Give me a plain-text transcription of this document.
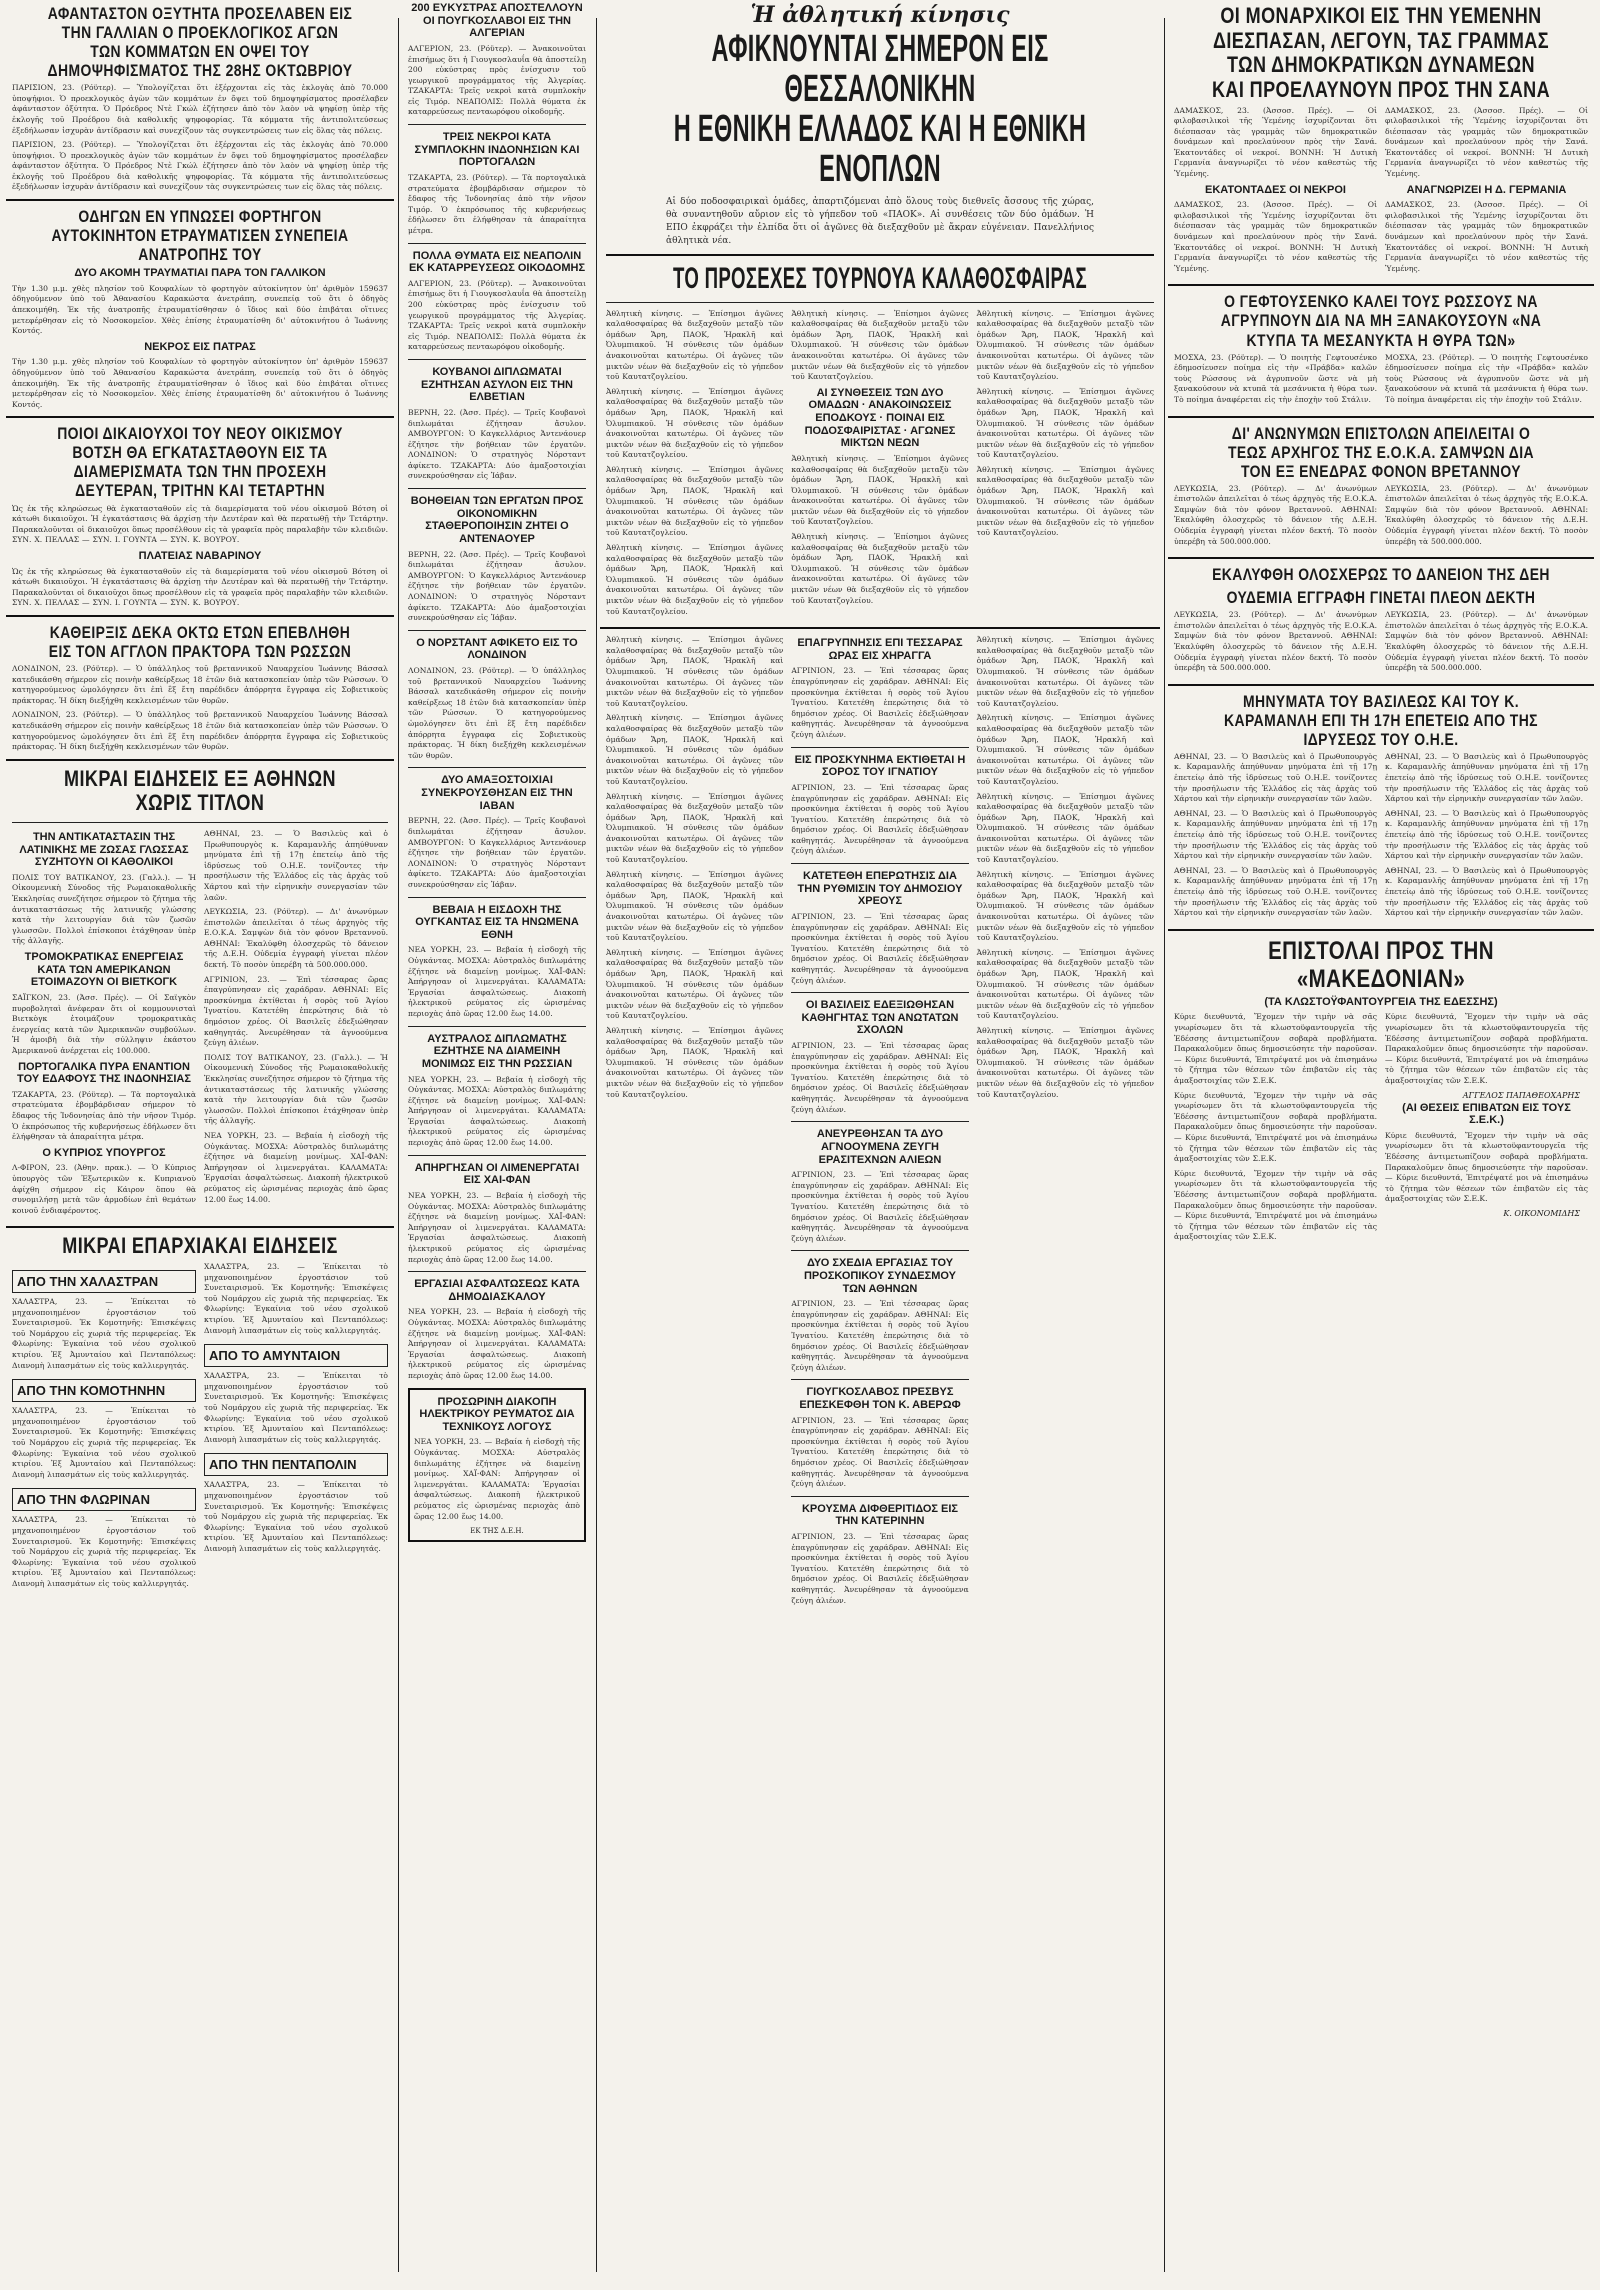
ΑΦΑΝΤΑΣΤΟΝ ΟΞΥΤΗΤΑ ΠΡΟΣΕΛΑΒΕΝ ΕΙΣ ΤΗΝ ΓΑΛΛΙΑΝ Ο ΠΡΟΕΚΛΟΓΙΚΟΣ ΑΓΩΝ ΤΩΝ ΚΟΜΜΑΤΩΝ ΕΝ ΟΨΕΙ ΤΟΥ ΔΗΜΟΨΗΦΙΣΜΑΤΟΣ ΤΗΣ 28ΗΣ ΟΚΤΩΒΡΙΟΥ

ΠΑΡΙΣΙΟΝ, 23. (Ρόϋτερ). — Ὑπολογίζεται ὅτι ἐξέρχονται εἰς τὰς ἐκλογὰς ἀπὸ 70.000 ὑποψήφιοι. Ὁ προεκλογικὸς ἀγὼν τῶν κομμάτων ἐν ὄψει τοῦ δημοψηφίσματος προσέλαβεν ἀφάνταστον ὀξύτητα. Ὁ Πρόεδρος Ντὲ Γκώλ ἐζήτησεν ἀπὸ τὸν λαὸν νὰ ψηφίσῃ ὑπὲρ τῆς ἐκλογῆς τοῦ Προέδρου διὰ καθολικῆς ψηφοφορίας. Τὰ κόμματα τῆς ἀντιπολιτεύσεως ἐξεδήλωσαν ἰσχυρὰν ἀντίδρασιν καὶ συνεχίζουν τὰς συγκεντρώσεις των εἰς ὅλας τὰς πόλεις.

ΠΑΡΙΣΙΟΝ, 23. (Ρόϋτερ). — Ὑπολογίζεται ὅτι ἐξέρχονται εἰς τὰς ἐκλογὰς ἀπὸ 70.000 ὑποψήφιοι. Ὁ προεκλογικὸς ἀγὼν τῶν κομμάτων ἐν ὄψει τοῦ δημοψηφίσματος προσέλαβεν ἀφάνταστον ὀξύτητα. Ὁ Πρόεδρος Ντὲ Γκώλ ἐζήτησεν ἀπὸ τὸν λαὸν νὰ ψηφίσῃ ὑπὲρ τῆς ἐκλογῆς τοῦ Προέδρου διὰ καθολικῆς ψηφοφορίας. Τὰ κόμματα τῆς ἀντιπολιτεύσεως ἐξεδήλωσαν ἰσχυρὰν ἀντίδρασιν καὶ συνεχίζουν τὰς συγκεντρώσεις των εἰς ὅλας τὰς πόλεις.

ΟΔΗΓΩΝ ΕΝ ΥΠΝΩΣΕΙ ΦΟΡΤΗΓΟΝ ΑΥΤΟΚΙΝΗΤΟΝ ΕΤΡΑΥΜΑΤΙΣΕΝ ΣΥΝΕΠΕΙΑ ΑΝΑΤΡΟΠΗΣ ΤΟΥ
ΔΥΟ ΑΚΟΜΗ ΤΡΑΥΜΑΤΙΑΙ ΠΑΡΑ ΤΟΝ ΓΑΛΛΙΚΟΝ

Τὴν 1.30 μ.μ. χθὲς πλησίον τοῦ Κουφαλίων τὸ φορτηγὸν αὐτοκίνητον ὑπ' ἀριθμὸν 159637 ὁδηγούμενον ὑπὸ τοῦ Ἀθανασίου Καρακώστα ἀνετράπη, συνεπείᾳ τοῦ ὅτι ὁ ὁδηγὸς ἀπεκοιμήθη. Ἐκ τῆς ἀνατροπῆς ἐτραυματίσθησαν ὁ ἴδιος καὶ δύο ἐπιβάται οἵτινες μετεφέρθησαν εἰς τὸ Νοσοκομεῖον. Χθὲς ἐπίσης ἐτραυματίσθη δι' αὐτοκινήτου ὁ Ἰωάννης Κοντός.

ΝΕΚΡΟΣ ΕΙΣ ΠΑΤΡΑΣ

Τὴν 1.30 μ.μ. χθὲς πλησίον τοῦ Κουφαλίων τὸ φορτηγὸν αὐτοκίνητον ὑπ' ἀριθμὸν 159637 ὁδηγούμενον ὑπὸ τοῦ Ἀθανασίου Καρακώστα ἀνετράπη, συνεπείᾳ τοῦ ὅτι ὁ ὁδηγὸς ἀπεκοιμήθη. Ἐκ τῆς ἀνατροπῆς ἐτραυματίσθησαν ὁ ἴδιος καὶ δύο ἐπιβάται οἵτινες μετεφέρθησαν εἰς τὸ Νοσοκομεῖον. Χθὲς ἐπίσης ἐτραυματίσθη δι' αὐτοκινήτου ὁ Ἰωάννης Κοντός.

ΠΟΙΟΙ ΔΙΚΑΙΟΥΧΟΙ ΤΟΥ ΝΕΟΥ ΟΙΚΙΣΜΟΥ ΒΟΤΣΗ ΘΑ ΕΓΚΑΤΑΣΤΑΘΟΥΝ ΕΙΣ ΤΑ ΔΙΑΜΕΡΙΣΜΑΤΑ ΤΩΝ ΤΗΝ ΠΡΟΣΕΧΗ ΔΕΥΤΕΡΑΝ, ΤΡΙΤΗΝ ΚΑΙ ΤΕΤΑΡΤΗΝ

Ὡς ἐκ τῆς κληρώσεως θὰ ἐγκατασταθοῦν εἰς τὰ διαμερίσματα τοῦ νέου οἰκισμοῦ Βότση οἱ κάτωθι δικαιοῦχοι. Ἡ ἐγκατάστασις θὰ ἀρχίσῃ τὴν Δευτέραν καὶ θὰ περατωθῇ τὴν Τετάρτην. Παρακαλοῦνται οἱ δικαιοῦχοι ὅπως προσέλθουν εἰς τὰ γραφεῖα πρὸς παραλαβὴν τῶν κλειδιῶν. ΣΥΝ. Χ. ΠΕΛΛΑΣ — ΣΥΝ. Ι. ΓΟΥΝΤΑ — ΣΥΝ. Κ. ΒΟΥΡΟΥ.

ΠΛΑΤΕΙΑΣ ΝΑΒΑΡΙΝΟΥ

Ὡς ἐκ τῆς κληρώσεως θὰ ἐγκατασταθοῦν εἰς τὰ διαμερίσματα τοῦ νέου οἰκισμοῦ Βότση οἱ κάτωθι δικαιοῦχοι. Ἡ ἐγκατάστασις θὰ ἀρχίσῃ τὴν Δευτέραν καὶ θὰ περατωθῇ τὴν Τετάρτην. Παρακαλοῦνται οἱ δικαιοῦχοι ὅπως προσέλθουν εἰς τὰ γραφεῖα πρὸς παραλαβὴν τῶν κλειδιῶν. ΣΥΝ. Χ. ΠΕΛΛΑΣ — ΣΥΝ. Ι. ΓΟΥΝΤΑ — ΣΥΝ. Κ. ΒΟΥΡΟΥ.

ΚΑΘΕΙΡΞΙΣ ΔΕΚΑ ΟΚΤΩ ΕΤΩΝ ΕΠΕΒΛΗΘΗ ΕΙΣ ΤΟΝ ΑΓΓΛΟΝ ΠΡΑΚΤΟΡΑ ΤΩΝ ΡΩΣΣΩΝ

ΛΟΝΔΙΝΟΝ, 23. (Ρόϋτερ). — Ὁ ὑπάλληλος τοῦ βρεταννικοῦ Ναυαρχείου Ἰωάννης Βάσσαλ κατεδικάσθη σήμερον εἰς ποινὴν καθείρξεως 18 ἐτῶν διὰ κατασκοπείαν ὑπὲρ τῶν Ρώσσων. Ὁ κατηγορούμενος ὡμολόγησεν ὅτι ἐπὶ ἓξ ἔτη παρέδιδεν ἀπόρρητα ἔγγραφα εἰς Σοβιετικοὺς πράκτορας. Ἡ δίκη διεξήχθη κεκλεισμένων τῶν θυρῶν.

ΛΟΝΔΙΝΟΝ, 23. (Ρόϋτερ). — Ὁ ὑπάλληλος τοῦ βρεταννικοῦ Ναυαρχείου Ἰωάννης Βάσσαλ κατεδικάσθη σήμερον εἰς ποινὴν καθείρξεως 18 ἐτῶν διὰ κατασκοπείαν ὑπὲρ τῶν Ρώσσων. Ὁ κατηγορούμενος ὡμολόγησεν ὅτι ἐπὶ ἓξ ἔτη παρέδιδεν ἀπόρρητα ἔγγραφα εἰς Σοβιετικοὺς πράκτορας. Ἡ δίκη διεξήχθη κεκλεισμένων τῶν θυρῶν.

ΜΙΚΡΑΙ ΕΙΔΗΣΕΙΣ ΕΞ ΑΘΗΝΩΝ ΧΩΡΙΣ ΤΙΤΛΟΝ
ΤΗΝ ΑΝΤΙΚΑΤΑΣΤΑΣΙΝ ΤΗΣ ΛΑΤΙΝΙΚΗΣ ΜΕ ΖΩΣΑΣ ΓΛΩΣΣΑΣ ΣΥΖΗΤΟΥΝ ΟΙ ΚΑΘΟΛΙΚΟΙ

ΠΟΛΙΣ ΤΟΥ ΒΑΤΙΚΑΝΟΥ, 23. (Γαλλ.). — Ἡ Οἰκουμενικὴ Σύνοδος τῆς Ρωμαιοκαθολικῆς Ἐκκλησίας συνεζήτησε σήμερον τὸ ζήτημα τῆς ἀντικαταστάσεως τῆς λατινικῆς γλώσσης κατὰ τὴν λειτουργίαν διὰ τῶν ζωσῶν γλωσσῶν. Πολλοὶ ἐπίσκοποι ἐτάχθησαν ὑπὲρ τῆς ἀλλαγῆς.

ΤΡΟΜΟΚΡΑΤΙΚΑΣ ΕΝΕΡΓΕΙΑΣ ΚΑΤΑ ΤΩΝ ΑΜΕΡΙΚΑΝΩΝ ΕΤΟΙΜΑΖΟΥΝ ΟΙ ΒΙΕΤΚΟΓΚ

ΣΑΪΓΚΟΝ, 23. (Ἀσσ. Πρές). — Οἱ Σαϊγκὸν πυροβοληταὶ ἀνέφεραν ὅτι οἱ κομμουνισταὶ Βιετκὸγκ ἑτοιμάζουν τρομοκρατικὰς ἐνεργείας κατὰ τῶν Ἀμερικανῶν συμβούλων. Ἡ ἀμοιβὴ διὰ τὴν σύλληψιν ἑκάστου Ἀμερικανοῦ ἀνέρχεται εἰς 100.000.

ΠΟΡΤΟΓΑΛΙΚΑ ΠΥΡΑ ΕΝΑΝΤΙΟΝ ΤΟΥ ΕΔΑΦΟΥΣ ΤΗΣ ΙΝΔΟΝΗΣΙΑΣ

ΤΖΑΚΑΡΤΑ, 23. (Ρόϋτερ). — Τὰ πορτογαλικὰ στρατεύματα ἐβομβάρδισαν σήμερον τὸ ἔδαφος τῆς Ἰνδονησίας ἀπὸ τὴν νῆσον Τιμόρ. Ὁ ἐκπρόσωπος τῆς κυβερνήσεως ἐδήλωσεν ὅτι ἐλήφθησαν τὰ ἀπαραίτητα μέτρα.

Ο ΚΥΠΡΙΟΣ ΥΠΟΥΡΓΟΣ

Λ-ΦΙΡΟΝ, 23. (Ἀθην. πρακ.). — Ὁ Κύπριος ὑπουργὸς τῶν Ἐξωτερικῶν κ. Κυπριανοὺ ἀφίχθη σήμερον εἰς Κάιρον ὅπου θὰ συνομιλήσῃ μετὰ τῶν ἁρμοδίων ἐπὶ θεμάτων κοινοῦ ἐνδιαφέροντος.

ΑΘΗΝΑΙ, 23. — Ὁ Βασιλεὺς καὶ ὁ Πρωθυπουργὸς κ. Καραμανλῆς ἀπηύθυναν μηνύματα ἐπὶ τῇ 17ῃ ἐπετείῳ ἀπὸ τῆς ἱδρύσεως τοῦ Ο.Η.Ε. τονίζοντες τὴν προσήλωσιν τῆς Ἑλλάδος εἰς τὰς ἀρχὰς τοῦ Χάρτου καὶ τὴν εἰρηνικὴν συνεργασίαν τῶν λαῶν.

ΛΕΥΚΩΣΙΑ, 23. (Ρόϋτερ). — Δι' ἀνωνύμων ἐπιστολῶν ἀπειλεῖται ὁ τέως ἀρχηγὸς τῆς Ε.Ο.Κ.Α. Σαμψὼν διὰ τὸν φόνον Βρεταννοῦ. ΑΘΗΝΑΙ: Ἐκαλύφθη ὁλοσχερῶς τὸ δάνειον τῆς Δ.Ε.Η. Οὐδεμία ἐγγραφὴ γίνεται πλέον δεκτή. Τὸ ποσὸν ὑπερέβη τὰ 500.000.000.

ΑΓΡΙΝΙΟΝ, 23. — Ἐπὶ τέσσαρας ὥρας ἐπαγρύπνησαν εἰς χαράδραν. ΑΘΗΝΑΙ: Εἰς προσκύνημα ἐκτίθεται ἡ σορὸς τοῦ Ἁγίου Ἰγνατίου. Κατετέθη ἐπερώτησις διὰ τὸ δημόσιον χρέος. Οἱ Βασιλεῖς ἐδεξιώθησαν καθηγητάς. Ἀνευρέθησαν τὰ ἀγνοούμενα ζεύγη ἁλιέων.

ΠΟΛΙΣ ΤΟΥ ΒΑΤΙΚΑΝΟΥ, 23. (Γαλλ.). — Ἡ Οἰκουμενικὴ Σύνοδος τῆς Ρωμαιοκαθολικῆς Ἐκκλησίας συνεζήτησε σήμερον τὸ ζήτημα τῆς ἀντικαταστάσεως τῆς λατινικῆς γλώσσης κατὰ τὴν λειτουργίαν διὰ τῶν ζωσῶν γλωσσῶν. Πολλοὶ ἐπίσκοποι ἐτάχθησαν ὑπὲρ τῆς ἀλλαγῆς.

ΝΕΑ ΥΟΡΚΗ, 23. — Βεβαία ἡ εἰσδοχὴ τῆς Οὐγκάντας. ΜΟΣΧΑ: Αὐστραλὸς διπλωμάτης ἐζήτησε νὰ διαμείνῃ μονίμως. ΧΑΪ-ΦΑΝ: Ἀπήργησαν οἱ λιμενεργάται. ΚΑΛΑΜΑΤΑ: Ἐργασίαι ἀσφαλτώσεως. Διακοπὴ ἠλεκτρικοῦ ρεύματος εἰς ὡρισμένας περιοχὰς ἀπὸ ὥρας 12.00 ἕως 14.00.

ΜΙΚΡΑΙ ΕΠΑΡΧΙΑΚΑΙ ΕΙΔΗΣΕΙΣ
ΑΠΟ ΤΗΝ ΧΑΛΑΣΤΡΑΝ

ΧΑΛΑΣΤΡΑ, 23. — Ἐπίκειται τὸ μηχανοποιημένον ἐργοστάσιον τοῦ Συνεταιρισμοῦ. Ἐκ Κομοτηνῆς: Ἐπισκέψεις τοῦ Νομάρχου εἰς χωριὰ τῆς περιφερείας. Ἐκ Φλωρίνης: Ἐγκαίνια τοῦ νέου σχολικοῦ κτιρίου. Ἐξ Ἀμυνταίου καὶ Πενταπόλεως: Διανομὴ λιπασμάτων εἰς τοὺς καλλιεργητάς.

ΑΠΟ ΤΗΝ ΚΟΜΟΤΗΝΗΝ

ΧΑΛΑΣΤΡΑ, 23. — Ἐπίκειται τὸ μηχανοποιημένον ἐργοστάσιον τοῦ Συνεταιρισμοῦ. Ἐκ Κομοτηνῆς: Ἐπισκέψεις τοῦ Νομάρχου εἰς χωριὰ τῆς περιφερείας. Ἐκ Φλωρίνης: Ἐγκαίνια τοῦ νέου σχολικοῦ κτιρίου. Ἐξ Ἀμυνταίου καὶ Πενταπόλεως: Διανομὴ λιπασμάτων εἰς τοὺς καλλιεργητάς.

ΑΠΟ ΤΗΝ ΦΛΩΡΙΝΑΝ

ΧΑΛΑΣΤΡΑ, 23. — Ἐπίκειται τὸ μηχανοποιημένον ἐργοστάσιον τοῦ Συνεταιρισμοῦ. Ἐκ Κομοτηνῆς: Ἐπισκέψεις τοῦ Νομάρχου εἰς χωριὰ τῆς περιφερείας. Ἐκ Φλωρίνης: Ἐγκαίνια τοῦ νέου σχολικοῦ κτιρίου. Ἐξ Ἀμυνταίου καὶ Πενταπόλεως: Διανομὴ λιπασμάτων εἰς τοὺς καλλιεργητάς.

ΧΑΛΑΣΤΡΑ, 23. — Ἐπίκειται τὸ μηχανοποιημένον ἐργοστάσιον τοῦ Συνεταιρισμοῦ. Ἐκ Κομοτηνῆς: Ἐπισκέψεις τοῦ Νομάρχου εἰς χωριὰ τῆς περιφερείας. Ἐκ Φλωρίνης: Ἐγκαίνια τοῦ νέου σχολικοῦ κτιρίου. Ἐξ Ἀμυνταίου καὶ Πενταπόλεως: Διανομὴ λιπασμάτων εἰς τοὺς καλλιεργητάς.

ΑΠΟ ΤΟ ΑΜΥΝΤΑΙΟΝ

ΧΑΛΑΣΤΡΑ, 23. — Ἐπίκειται τὸ μηχανοποιημένον ἐργοστάσιον τοῦ Συνεταιρισμοῦ. Ἐκ Κομοτηνῆς: Ἐπισκέψεις τοῦ Νομάρχου εἰς χωριὰ τῆς περιφερείας. Ἐκ Φλωρίνης: Ἐγκαίνια τοῦ νέου σχολικοῦ κτιρίου. Ἐξ Ἀμυνταίου καὶ Πενταπόλεως: Διανομὴ λιπασμάτων εἰς τοὺς καλλιεργητάς.

ΑΠΟ ΤΗΝ ΠΕΝΤΑΠΟΛΙΝ

ΧΑΛΑΣΤΡΑ, 23. — Ἐπίκειται τὸ μηχανοποιημένον ἐργοστάσιον τοῦ Συνεταιρισμοῦ. Ἐκ Κομοτηνῆς: Ἐπισκέψεις τοῦ Νομάρχου εἰς χωριὰ τῆς περιφερείας. Ἐκ Φλωρίνης: Ἐγκαίνια τοῦ νέου σχολικοῦ κτιρίου. Ἐξ Ἀμυνταίου καὶ Πενταπόλεως: Διανομὴ λιπασμάτων εἰς τοὺς καλλιεργητάς.

200 ΕΥΚΥΣΤΡΑΣ ΑΠΟΣΤΕΛΛΟΥΝ ΟΙ ΠΟΥΓΚΟΣΛΑΒΟΙ ΕΙΣ ΤΗΝ ΑΛΓΕΡΙΑΝ

ΑΛΓΕΡΙΟΝ, 23. (Ρόϋτερ). — Ἀνακοινοῦται ἐπισήμως ὅτι ἡ Γιουγκοσλαυΐα θὰ ἀποστείλῃ 200 εὐκύστρας πρὸς ἐνίσχυσιν τοῦ γεωργικοῦ προγράμματος τῆς Ἀλγερίας. ΤΖΑΚΑΡΤΑ: Τρεῖς νεκροὶ κατὰ συμπλοκὴν εἰς Τιμόρ. ΝΕΑΠΟΛΙΣ: Πολλὰ θύματα ἐκ καταρρεύσεως πενταωρόφου οἰκοδομῆς.

ΤΡΕΙΣ ΝΕΚΡΟΙ ΚΑΤΑ ΣΥΜΠΛΟΚΗΝ ΙΝΔΟΝΗΣΙΩΝ ΚΑΙ ΠΟΡΤΟΓΑΛΩΝ

ΤΖΑΚΑΡΤΑ, 23. (Ρόϋτερ). — Τὰ πορτογαλικὰ στρατεύματα ἐβομβάρδισαν σήμερον τὸ ἔδαφος τῆς Ἰνδονησίας ἀπὸ τὴν νῆσον Τιμόρ. Ὁ ἐκπρόσωπος τῆς κυβερνήσεως ἐδήλωσεν ὅτι ἐλήφθησαν τὰ ἀπαραίτητα μέτρα.

ΠΟΛΛΑ ΘΥΜΑΤΑ ΕΙΣ ΝΕΑΠΟΛΙΝ ΕΚ ΚΑΤΑΡΡΕΥΣΕΩΣ ΟΙΚΟΔΟΜΗΣ

ΑΛΓΕΡΙΟΝ, 23. (Ρόϋτερ). — Ἀνακοινοῦται ἐπισήμως ὅτι ἡ Γιουγκοσλαυΐα θὰ ἀποστείλῃ 200 εὐκύστρας πρὸς ἐνίσχυσιν τοῦ γεωργικοῦ προγράμματος τῆς Ἀλγερίας. ΤΖΑΚΑΡΤΑ: Τρεῖς νεκροὶ κατὰ συμπλοκὴν εἰς Τιμόρ. ΝΕΑΠΟΛΙΣ: Πολλὰ θύματα ἐκ καταρρεύσεως πενταωρόφου οἰκοδομῆς.

ΚΟΥΒΑΝΟΙ ΔΙΠΛΩΜΑΤΑΙ ΕΖΗΤΗΣΑΝ ΑΣΥΛΟΝ ΕΙΣ ΤΗΝ ΕΛΒΕΤΙΑΝ

ΒΕΡΝΗ, 22. (Ἀσσ. Πρές). — Τρεῖς Κουβανοὶ διπλωμάται ἐζήτησαν ἄσυλον. ΑΜΒΟΥΡΓΟΝ: Ὁ Καγκελλάριος Ἀντενάουερ ἐζήτησε τὴν βοήθειαν τῶν ἐργατῶν. ΛΟΝΔΙΝΟΝ: Ὁ στρατηγὸς Νόρσταντ ἀφίκετο. ΤΖΑΚΑΡΤΑ: Δύο ἀμαξοστοιχίαι συνεκρούσθησαν εἰς Ἰάβαν.

ΒΟΗΘΕΙΑΝ ΤΩΝ ΕΡΓΑΤΩΝ ΠΡΟΣ ΟΙΚΟΝΟΜΙΚΗΝ ΣΤΑΘΕΡΟΠΟΙΗΣΙΝ ΖΗΤΕΙ Ο ΑΝΤΕΝΑΟΥΕΡ

ΒΕΡΝΗ, 22. (Ἀσσ. Πρές). — Τρεῖς Κουβανοὶ διπλωμάται ἐζήτησαν ἄσυλον. ΑΜΒΟΥΡΓΟΝ: Ὁ Καγκελλάριος Ἀντενάουερ ἐζήτησε τὴν βοήθειαν τῶν ἐργατῶν. ΛΟΝΔΙΝΟΝ: Ὁ στρατηγὸς Νόρσταντ ἀφίκετο. ΤΖΑΚΑΡΤΑ: Δύο ἀμαξοστοιχίαι συνεκρούσθησαν εἰς Ἰάβαν.

Ο ΝΟΡΣΤΑΝΤ ΑΦΙΚΕΤΟ ΕΙΣ ΤΟ ΛΟΝΔΙΝΟΝ

ΛΟΝΔΙΝΟΝ, 23. (Ρόϋτερ). — Ὁ ὑπάλληλος τοῦ βρεταννικοῦ Ναυαρχείου Ἰωάννης Βάσσαλ κατεδικάσθη σήμερον εἰς ποινὴν καθείρξεως 18 ἐτῶν διὰ κατασκοπείαν ὑπὲρ τῶν Ρώσσων. Ὁ κατηγορούμενος ὡμολόγησεν ὅτι ἐπὶ ἓξ ἔτη παρέδιδεν ἀπόρρητα ἔγγραφα εἰς Σοβιετικοὺς πράκτορας. Ἡ δίκη διεξήχθη κεκλεισμένων τῶν θυρῶν.

ΔΥΟ ΑΜΑΞΟΣΤΟΙΧΙΑΙ ΣΥΝΕΚΡΟΥΣΘΗΣΑΝ ΕΙΣ ΤΗΝ ΙΑΒΑΝ

ΒΕΡΝΗ, 22. (Ἀσσ. Πρές). — Τρεῖς Κουβανοὶ διπλωμάται ἐζήτησαν ἄσυλον. ΑΜΒΟΥΡΓΟΝ: Ὁ Καγκελλάριος Ἀντενάουερ ἐζήτησε τὴν βοήθειαν τῶν ἐργατῶν. ΛΟΝΔΙΝΟΝ: Ὁ στρατηγὸς Νόρσταντ ἀφίκετο. ΤΖΑΚΑΡΤΑ: Δύο ἀμαξοστοιχίαι συνεκρούσθησαν εἰς Ἰάβαν.

ΒΕΒΑΙΑ Η ΕΙΣΔΟΧΗ ΤΗΣ ΟΥΓΚΑΝΤΑΣ ΕΙΣ ΤΑ ΗΝΩΜΕΝΑ ΕΘΝΗ

ΝΕΑ ΥΟΡΚΗ, 23. — Βεβαία ἡ εἰσδοχὴ τῆς Οὐγκάντας. ΜΟΣΧΑ: Αὐστραλὸς διπλωμάτης ἐζήτησε νὰ διαμείνῃ μονίμως. ΧΑΪ-ΦΑΝ: Ἀπήργησαν οἱ λιμενεργάται. ΚΑΛΑΜΑΤΑ: Ἐργασίαι ἀσφαλτώσεως. Διακοπὴ ἠλεκτρικοῦ ρεύματος εἰς ὡρισμένας περιοχὰς ἀπὸ ὥρας 12.00 ἕως 14.00.

ΑΥΣΤΡΑΛΟΣ ΔΙΠΛΩΜΑΤΗΣ ΕΖΗΤΗΣΕ ΝΑ ΔΙΑΜΕΙΝΗ ΜΟΝΙΜΩΣ ΕΙΣ ΤΗΝ ΡΩΣΣΙΑΝ

ΝΕΑ ΥΟΡΚΗ, 23. — Βεβαία ἡ εἰσδοχὴ τῆς Οὐγκάντας. ΜΟΣΧΑ: Αὐστραλὸς διπλωμάτης ἐζήτησε νὰ διαμείνῃ μονίμως. ΧΑΪ-ΦΑΝ: Ἀπήργησαν οἱ λιμενεργάται. ΚΑΛΑΜΑΤΑ: Ἐργασίαι ἀσφαλτώσεως. Διακοπὴ ἠλεκτρικοῦ ρεύματος εἰς ὡρισμένας περιοχὰς ἀπὸ ὥρας 12.00 ἕως 14.00.

ΑΠΗΡΓΗΣΑΝ ΟΙ ΛΙΜΕΝΕΡΓΑΤΑΙ ΕΙΣ ΧΑΙ-ΦΑΝ

ΝΕΑ ΥΟΡΚΗ, 23. — Βεβαία ἡ εἰσδοχὴ τῆς Οὐγκάντας. ΜΟΣΧΑ: Αὐστραλὸς διπλωμάτης ἐζήτησε νὰ διαμείνῃ μονίμως. ΧΑΪ-ΦΑΝ: Ἀπήργησαν οἱ λιμενεργάται. ΚΑΛΑΜΑΤΑ: Ἐργασίαι ἀσφαλτώσεως. Διακοπὴ ἠλεκτρικοῦ ρεύματος εἰς ὡρισμένας περιοχὰς ἀπὸ ὥρας 12.00 ἕως 14.00.

ΕΡΓΑΣΙΑΙ ΑΣΦΑΛΤΩΣΕΩΣ ΚΑΤΑ ΔΗΜΟΔΙΑΣΚΑΛΟΥ

ΝΕΑ ΥΟΡΚΗ, 23. — Βεβαία ἡ εἰσδοχὴ τῆς Οὐγκάντας. ΜΟΣΧΑ: Αὐστραλὸς διπλωμάτης ἐζήτησε νὰ διαμείνῃ μονίμως. ΧΑΪ-ΦΑΝ: Ἀπήργησαν οἱ λιμενεργάται. ΚΑΛΑΜΑΤΑ: Ἐργασίαι ἀσφαλτώσεως. Διακοπὴ ἠλεκτρικοῦ ρεύματος εἰς ὡρισμένας περιοχὰς ἀπὸ ὥρας 12.00 ἕως 14.00.

ΠΡΟΣΩΡΙΝΗ ΔΙΑΚΟΠΗ ΗΛΕΚΤΡΙΚΟΥ ΡΕΥΜΑΤΟΣ ΔΙΑ ΤΕΧΝΙΚΟΥΣ ΛΟΓΟΥΣ

ΝΕΑ ΥΟΡΚΗ, 23. — Βεβαία ἡ εἰσδοχὴ τῆς Οὐγκάντας. ΜΟΣΧΑ: Αὐστραλὸς διπλωμάτης ἐζήτησε νὰ διαμείνῃ μονίμως. ΧΑΪ-ΦΑΝ: Ἀπήργησαν οἱ λιμενεργάται. ΚΑΛΑΜΑΤΑ: Ἐργασίαι ἀσφαλτώσεως. Διακοπὴ ἠλεκτρικοῦ ρεύματος εἰς ὡρισμένας περιοχὰς ἀπὸ ὥρας 12.00 ἕως 14.00.

ΕΚ ΤΗΣ Δ.Ε.Η.
Ἡ ἀθλητική κίνησις
ΑΦΙΚΝΟΥΝΤΑΙ ΣΗΜΕΡΟΝ ΕΙΣ ΘΕΣΣΑΛΟΝΙΚΗΝ
Η ΕΘΝΙΚΗ ΕΛΛΑΔΟΣ ΚΑΙ Η ΕΘΝΙΚΗ ΕΝΟΠΛΩΝ

Αἱ δύο ποδοσφαιρικαὶ ὁμάδες, ἀπαρτιζόμεναι ἀπὸ ὅλους τοὺς διεθνεῖς ἄσσους τῆς χώρας, θὰ συναντηθοῦν αὔριον εἰς τὸ γήπεδον τοῦ «ΠΑΟΚ». Αἱ συνθέσεις τῶν δύο ὁμάδων. Ἡ ΕΠΟ ἐκφράζει τὴν ἐλπίδα ὅτι οἱ ἀγῶνες θὰ διεξαχθοῦν μὲ ἄκραν εὐγένειαν. Πανελλήνιος ἀθλητικὰ νέα.

ΤΟ ΠΡΟΣΕΧΕΣ ΤΟΥΡΝΟΥΑ ΚΑΛΑΘΟΣΦΑΙΡΑΣ

Ἀθλητικὴ κίνησις. — Ἐπίσημοι ἀγῶνες καλαθοσφαίρας θὰ διεξαχθοῦν μεταξὺ τῶν ὁμάδων Ἄρη, ΠΑΟΚ, Ἡρακλῆ καὶ Ὀλυμπιακοῦ. Ἡ σύνθεσις τῶν ὁμάδων ἀνακοινοῦται κατωτέρω. Οἱ ἀγῶνες τῶν μικτῶν νέων θὰ διεξαχθοῦν εἰς τὸ γήπεδον τοῦ Καυτατζογλείου.

Ἀθλητικὴ κίνησις. — Ἐπίσημοι ἀγῶνες καλαθοσφαίρας θὰ διεξαχθοῦν μεταξὺ τῶν ὁμάδων Ἄρη, ΠΑΟΚ, Ἡρακλῆ καὶ Ὀλυμπιακοῦ. Ἡ σύνθεσις τῶν ὁμάδων ἀνακοινοῦται κατωτέρω. Οἱ ἀγῶνες τῶν μικτῶν νέων θὰ διεξαχθοῦν εἰς τὸ γήπεδον τοῦ Καυτατζογλείου.

Ἀθλητικὴ κίνησις. — Ἐπίσημοι ἀγῶνες καλαθοσφαίρας θὰ διεξαχθοῦν μεταξὺ τῶν ὁμάδων Ἄρη, ΠΑΟΚ, Ἡρακλῆ καὶ Ὀλυμπιακοῦ. Ἡ σύνθεσις τῶν ὁμάδων ἀνακοινοῦται κατωτέρω. Οἱ ἀγῶνες τῶν μικτῶν νέων θὰ διεξαχθοῦν εἰς τὸ γήπεδον τοῦ Καυτατζογλείου.

Ἀθλητικὴ κίνησις. — Ἐπίσημοι ἀγῶνες καλαθοσφαίρας θὰ διεξαχθοῦν μεταξὺ τῶν ὁμάδων Ἄρη, ΠΑΟΚ, Ἡρακλῆ καὶ Ὀλυμπιακοῦ. Ἡ σύνθεσις τῶν ὁμάδων ἀνακοινοῦται κατωτέρω. Οἱ ἀγῶνες τῶν μικτῶν νέων θὰ διεξαχθοῦν εἰς τὸ γήπεδον τοῦ Καυτατζογλείου.

Ἀθλητικὴ κίνησις. — Ἐπίσημοι ἀγῶνες καλαθοσφαίρας θὰ διεξαχθοῦν μεταξὺ τῶν ὁμάδων Ἄρη, ΠΑΟΚ, Ἡρακλῆ καὶ Ὀλυμπιακοῦ. Ἡ σύνθεσις τῶν ὁμάδων ἀνακοινοῦται κατωτέρω. Οἱ ἀγῶνες τῶν μικτῶν νέων θὰ διεξαχθοῦν εἰς τὸ γήπεδον τοῦ Καυτατζογλείου.

ΑΙ ΣΥΝΘΕΣΕΙΣ ΤΩΝ ΔΥΟ ΟΜΑΔΩΝ · ΑΝΑΚΟΙΝΩΣΕΙΣ ΕΠΟΔΚΟΥΣ · ΠΟΙΝΑΙ ΕΙΣ ΠΟΔΟΣΦΑΙΡΙΣΤΑΣ · ΑΓΩΝΕΣ ΜΙΚΤΩΝ ΝΕΩΝ

Ἀθλητικὴ κίνησις. — Ἐπίσημοι ἀγῶνες καλαθοσφαίρας θὰ διεξαχθοῦν μεταξὺ τῶν ὁμάδων Ἄρη, ΠΑΟΚ, Ἡρακλῆ καὶ Ὀλυμπιακοῦ. Ἡ σύνθεσις τῶν ὁμάδων ἀνακοινοῦται κατωτέρω. Οἱ ἀγῶνες τῶν μικτῶν νέων θὰ διεξαχθοῦν εἰς τὸ γήπεδον τοῦ Καυτατζογλείου.

Ἀθλητικὴ κίνησις. — Ἐπίσημοι ἀγῶνες καλαθοσφαίρας θὰ διεξαχθοῦν μεταξὺ τῶν ὁμάδων Ἄρη, ΠΑΟΚ, Ἡρακλῆ καὶ Ὀλυμπιακοῦ. Ἡ σύνθεσις τῶν ὁμάδων ἀνακοινοῦται κατωτέρω. Οἱ ἀγῶνες τῶν μικτῶν νέων θὰ διεξαχθοῦν εἰς τὸ γήπεδον τοῦ Καυτατζογλείου.

Ἀθλητικὴ κίνησις. — Ἐπίσημοι ἀγῶνες καλαθοσφαίρας θὰ διεξαχθοῦν μεταξὺ τῶν ὁμάδων Ἄρη, ΠΑΟΚ, Ἡρακλῆ καὶ Ὀλυμπιακοῦ. Ἡ σύνθεσις τῶν ὁμάδων ἀνακοινοῦται κατωτέρω. Οἱ ἀγῶνες τῶν μικτῶν νέων θὰ διεξαχθοῦν εἰς τὸ γήπεδον τοῦ Καυτατζογλείου.

Ἀθλητικὴ κίνησις. — Ἐπίσημοι ἀγῶνες καλαθοσφαίρας θὰ διεξαχθοῦν μεταξὺ τῶν ὁμάδων Ἄρη, ΠΑΟΚ, Ἡρακλῆ καὶ Ὀλυμπιακοῦ. Ἡ σύνθεσις τῶν ὁμάδων ἀνακοινοῦται κατωτέρω. Οἱ ἀγῶνες τῶν μικτῶν νέων θὰ διεξαχθοῦν εἰς τὸ γήπεδον τοῦ Καυτατζογλείου.

Ἀθλητικὴ κίνησις. — Ἐπίσημοι ἀγῶνες καλαθοσφαίρας θὰ διεξαχθοῦν μεταξὺ τῶν ὁμάδων Ἄρη, ΠΑΟΚ, Ἡρακλῆ καὶ Ὀλυμπιακοῦ. Ἡ σύνθεσις τῶν ὁμάδων ἀνακοινοῦται κατωτέρω. Οἱ ἀγῶνες τῶν μικτῶν νέων θὰ διεξαχθοῦν εἰς τὸ γήπεδον τοῦ Καυτατζογλείου.

Ἀθλητικὴ κίνησις. — Ἐπίσημοι ἀγῶνες καλαθοσφαίρας θὰ διεξαχθοῦν μεταξὺ τῶν ὁμάδων Ἄρη, ΠΑΟΚ, Ἡρακλῆ καὶ Ὀλυμπιακοῦ. Ἡ σύνθεσις τῶν ὁμάδων ἀνακοινοῦται κατωτέρω. Οἱ ἀγῶνες τῶν μικτῶν νέων θὰ διεξαχθοῦν εἰς τὸ γήπεδον τοῦ Καυτατζογλείου.

Ἀθλητικὴ κίνησις. — Ἐπίσημοι ἀγῶνες καλαθοσφαίρας θὰ διεξαχθοῦν μεταξὺ τῶν ὁμάδων Ἄρη, ΠΑΟΚ, Ἡρακλῆ καὶ Ὀλυμπιακοῦ. Ἡ σύνθεσις τῶν ὁμάδων ἀνακοινοῦται κατωτέρω. Οἱ ἀγῶνες τῶν μικτῶν νέων θὰ διεξαχθοῦν εἰς τὸ γήπεδον τοῦ Καυτατζογλείου.

Ἀθλητικὴ κίνησις. — Ἐπίσημοι ἀγῶνες καλαθοσφαίρας θὰ διεξαχθοῦν μεταξὺ τῶν ὁμάδων Ἄρη, ΠΑΟΚ, Ἡρακλῆ καὶ Ὀλυμπιακοῦ. Ἡ σύνθεσις τῶν ὁμάδων ἀνακοινοῦται κατωτέρω. Οἱ ἀγῶνες τῶν μικτῶν νέων θὰ διεξαχθοῦν εἰς τὸ γήπεδον τοῦ Καυτατζογλείου.

Ἀθλητικὴ κίνησις. — Ἐπίσημοι ἀγῶνες καλαθοσφαίρας θὰ διεξαχθοῦν μεταξὺ τῶν ὁμάδων Ἄρη, ΠΑΟΚ, Ἡρακλῆ καὶ Ὀλυμπιακοῦ. Ἡ σύνθεσις τῶν ὁμάδων ἀνακοινοῦται κατωτέρω. Οἱ ἀγῶνες τῶν μικτῶν νέων θὰ διεξαχθοῦν εἰς τὸ γήπεδον τοῦ Καυτατζογλείου.

Ἀθλητικὴ κίνησις. — Ἐπίσημοι ἀγῶνες καλαθοσφαίρας θὰ διεξαχθοῦν μεταξὺ τῶν ὁμάδων Ἄρη, ΠΑΟΚ, Ἡρακλῆ καὶ Ὀλυμπιακοῦ. Ἡ σύνθεσις τῶν ὁμάδων ἀνακοινοῦται κατωτέρω. Οἱ ἀγῶνες τῶν μικτῶν νέων θὰ διεξαχθοῦν εἰς τὸ γήπεδον τοῦ Καυτατζογλείου.

Ἀθλητικὴ κίνησις. — Ἐπίσημοι ἀγῶνες καλαθοσφαίρας θὰ διεξαχθοῦν μεταξὺ τῶν ὁμάδων Ἄρη, ΠΑΟΚ, Ἡρακλῆ καὶ Ὀλυμπιακοῦ. Ἡ σύνθεσις τῶν ὁμάδων ἀνακοινοῦται κατωτέρω. Οἱ ἀγῶνες τῶν μικτῶν νέων θὰ διεξαχθοῦν εἰς τὸ γήπεδον τοῦ Καυτατζογλείου.

ΕΠΑΓΡΥΠΝΗΣΙΣ ΕΠΙ ΤΕΣΣΑΡΑΣ ΩΡΑΣ ΕΙΣ ΧΗΡΑΓΓΑ

ΑΓΡΙΝΙΟΝ, 23. — Ἐπὶ τέσσαρας ὥρας ἐπαγρύπνησαν εἰς χαράδραν. ΑΘΗΝΑΙ: Εἰς προσκύνημα ἐκτίθεται ἡ σορὸς τοῦ Ἁγίου Ἰγνατίου. Κατετέθη ἐπερώτησις διὰ τὸ δημόσιον χρέος. Οἱ Βασιλεῖς ἐδεξιώθησαν καθηγητάς. Ἀνευρέθησαν τὰ ἀγνοούμενα ζεύγη ἁλιέων.

ΕΙΣ ΠΡΟΣΚΥΝΗΜΑ ΕΚΤΙΘΕΤΑΙ Η ΣΟΡΟΣ ΤΟΥ ΙΓΝΑΤΙΟΥ

ΑΓΡΙΝΙΟΝ, 23. — Ἐπὶ τέσσαρας ὥρας ἐπαγρύπνησαν εἰς χαράδραν. ΑΘΗΝΑΙ: Εἰς προσκύνημα ἐκτίθεται ἡ σορὸς τοῦ Ἁγίου Ἰγνατίου. Κατετέθη ἐπερώτησις διὰ τὸ δημόσιον χρέος. Οἱ Βασιλεῖς ἐδεξιώθησαν καθηγητάς. Ἀνευρέθησαν τὰ ἀγνοούμενα ζεύγη ἁλιέων.

ΚΑΤΕΤΕΘΗ ΕΠΕΡΩΤΗΣΙΣ ΔΙΑ ΤΗΝ ΡΥΘΜΙΣΙΝ ΤΟΥ ΔΗΜΟΣΙΟΥ ΧΡΕΟΥΣ

ΑΓΡΙΝΙΟΝ, 23. — Ἐπὶ τέσσαρας ὥρας ἐπαγρύπνησαν εἰς χαράδραν. ΑΘΗΝΑΙ: Εἰς προσκύνημα ἐκτίθεται ἡ σορὸς τοῦ Ἁγίου Ἰγνατίου. Κατετέθη ἐπερώτησις διὰ τὸ δημόσιον χρέος. Οἱ Βασιλεῖς ἐδεξιώθησαν καθηγητάς. Ἀνευρέθησαν τὰ ἀγνοούμενα ζεύγη ἁλιέων.

ΟΙ ΒΑΣΙΛΕΙΣ ΕΔΕΞΙΩΘΗΣΑΝ ΚΑΘΗΓΗΤΑΣ ΤΩΝ ΑΝΩΤΑΤΩΝ ΣΧΟΛΩΝ

ΑΓΡΙΝΙΟΝ, 23. — Ἐπὶ τέσσαρας ὥρας ἐπαγρύπνησαν εἰς χαράδραν. ΑΘΗΝΑΙ: Εἰς προσκύνημα ἐκτίθεται ἡ σορὸς τοῦ Ἁγίου Ἰγνατίου. Κατετέθη ἐπερώτησις διὰ τὸ δημόσιον χρέος. Οἱ Βασιλεῖς ἐδεξιώθησαν καθηγητάς. Ἀνευρέθησαν τὰ ἀγνοούμενα ζεύγη ἁλιέων.

ΑΝΕΥΡΕΘΗΣΑΝ ΤΑ ΔΥΟ ΑΓΝΟΟΥΜΕΝΑ ΖΕΥΓΗ ΕΡΑΣΙΤΕΧΝΩΝ ΑΛΙΕΩΝ

ΑΓΡΙΝΙΟΝ, 23. — Ἐπὶ τέσσαρας ὥρας ἐπαγρύπνησαν εἰς χαράδραν. ΑΘΗΝΑΙ: Εἰς προσκύνημα ἐκτίθεται ἡ σορὸς τοῦ Ἁγίου Ἰγνατίου. Κατετέθη ἐπερώτησις διὰ τὸ δημόσιον χρέος. Οἱ Βασιλεῖς ἐδεξιώθησαν καθηγητάς. Ἀνευρέθησαν τὰ ἀγνοούμενα ζεύγη ἁλιέων.

ΔΥΟ ΣΧΕΔΙΑ ΕΡΓΑΣΙΑΣ ΤΟΥ ΠΡΟΣΚΟΠΙΚΟΥ ΣΥΝΔΕΣΜΟΥ ΤΩΝ ΑΘΗΝΩΝ

ΑΓΡΙΝΙΟΝ, 23. — Ἐπὶ τέσσαρας ὥρας ἐπαγρύπνησαν εἰς χαράδραν. ΑΘΗΝΑΙ: Εἰς προσκύνημα ἐκτίθεται ἡ σορὸς τοῦ Ἁγίου Ἰγνατίου. Κατετέθη ἐπερώτησις διὰ τὸ δημόσιον χρέος. Οἱ Βασιλεῖς ἐδεξιώθησαν καθηγητάς. Ἀνευρέθησαν τὰ ἀγνοούμενα ζεύγη ἁλιέων.

ΓΙΟΥΓΚΟΣΛΑΒΟΣ ΠΡΕΣΒΥΣ ΕΠΕΣΚΕΦΘΗ ΤΟΝ Κ. ΑΒΕΡΩΦ

ΑΓΡΙΝΙΟΝ, 23. — Ἐπὶ τέσσαρας ὥρας ἐπαγρύπνησαν εἰς χαράδραν. ΑΘΗΝΑΙ: Εἰς προσκύνημα ἐκτίθεται ἡ σορὸς τοῦ Ἁγίου Ἰγνατίου. Κατετέθη ἐπερώτησις διὰ τὸ δημόσιον χρέος. Οἱ Βασιλεῖς ἐδεξιώθησαν καθηγητάς. Ἀνευρέθησαν τὰ ἀγνοούμενα ζεύγη ἁλιέων.

ΚΡΟΥΣΜΑ ΔΙΦΘΕΡΙΤΙΔΟΣ ΕΙΣ ΤΗΝ ΚΑΤΕΡΙΝΗΝ

ΑΓΡΙΝΙΟΝ, 23. — Ἐπὶ τέσσαρας ὥρας ἐπαγρύπνησαν εἰς χαράδραν. ΑΘΗΝΑΙ: Εἰς προσκύνημα ἐκτίθεται ἡ σορὸς τοῦ Ἁγίου Ἰγνατίου. Κατετέθη ἐπερώτησις διὰ τὸ δημόσιον χρέος. Οἱ Βασιλεῖς ἐδεξιώθησαν καθηγητάς. Ἀνευρέθησαν τὰ ἀγνοούμενα ζεύγη ἁλιέων.

Ἀθλητικὴ κίνησις. — Ἐπίσημοι ἀγῶνες καλαθοσφαίρας θὰ διεξαχθοῦν μεταξὺ τῶν ὁμάδων Ἄρη, ΠΑΟΚ, Ἡρακλῆ καὶ Ὀλυμπιακοῦ. Ἡ σύνθεσις τῶν ὁμάδων ἀνακοινοῦται κατωτέρω. Οἱ ἀγῶνες τῶν μικτῶν νέων θὰ διεξαχθοῦν εἰς τὸ γήπεδον τοῦ Καυτατζογλείου.

Ἀθλητικὴ κίνησις. — Ἐπίσημοι ἀγῶνες καλαθοσφαίρας θὰ διεξαχθοῦν μεταξὺ τῶν ὁμάδων Ἄρη, ΠΑΟΚ, Ἡρακλῆ καὶ Ὀλυμπιακοῦ. Ἡ σύνθεσις τῶν ὁμάδων ἀνακοινοῦται κατωτέρω. Οἱ ἀγῶνες τῶν μικτῶν νέων θὰ διεξαχθοῦν εἰς τὸ γήπεδον τοῦ Καυτατζογλείου.

Ἀθλητικὴ κίνησις. — Ἐπίσημοι ἀγῶνες καλαθοσφαίρας θὰ διεξαχθοῦν μεταξὺ τῶν ὁμάδων Ἄρη, ΠΑΟΚ, Ἡρακλῆ καὶ Ὀλυμπιακοῦ. Ἡ σύνθεσις τῶν ὁμάδων ἀνακοινοῦται κατωτέρω. Οἱ ἀγῶνες τῶν μικτῶν νέων θὰ διεξαχθοῦν εἰς τὸ γήπεδον τοῦ Καυτατζογλείου.

Ἀθλητικὴ κίνησις. — Ἐπίσημοι ἀγῶνες καλαθοσφαίρας θὰ διεξαχθοῦν μεταξὺ τῶν ὁμάδων Ἄρη, ΠΑΟΚ, Ἡρακλῆ καὶ Ὀλυμπιακοῦ. Ἡ σύνθεσις τῶν ὁμάδων ἀνακοινοῦται κατωτέρω. Οἱ ἀγῶνες τῶν μικτῶν νέων θὰ διεξαχθοῦν εἰς τὸ γήπεδον τοῦ Καυτατζογλείου.

Ἀθλητικὴ κίνησις. — Ἐπίσημοι ἀγῶνες καλαθοσφαίρας θὰ διεξαχθοῦν μεταξὺ τῶν ὁμάδων Ἄρη, ΠΑΟΚ, Ἡρακλῆ καὶ Ὀλυμπιακοῦ. Ἡ σύνθεσις τῶν ὁμάδων ἀνακοινοῦται κατωτέρω. Οἱ ἀγῶνες τῶν μικτῶν νέων θὰ διεξαχθοῦν εἰς τὸ γήπεδον τοῦ Καυτατζογλείου.

Ἀθλητικὴ κίνησις. — Ἐπίσημοι ἀγῶνες καλαθοσφαίρας θὰ διεξαχθοῦν μεταξὺ τῶν ὁμάδων Ἄρη, ΠΑΟΚ, Ἡρακλῆ καὶ Ὀλυμπιακοῦ. Ἡ σύνθεσις τῶν ὁμάδων ἀνακοινοῦται κατωτέρω. Οἱ ἀγῶνες τῶν μικτῶν νέων θὰ διεξαχθοῦν εἰς τὸ γήπεδον τοῦ Καυτατζογλείου.

ΟΙ ΜΟΝΑΡΧΙΚΟΙ ΕΙΣ ΤΗΝ ΥΕΜΕΝΗΝ ΔΙΕΣΠΑΣΑΝ, ΛΕΓΟΥΝ, ΤΑΣ ΓΡΑΜΜΑΣ ΤΩΝ ΔΗΜΟΚΡΑΤΙΚΩΝ ΔΥΝΑΜΕΩΝ ΚΑΙ ΠΡΟΕΛΑΥΝΟΥΝ ΠΡΟΣ ΤΗΝ ΣΑΝΑ

ΔΑΜΑΣΚΟΣ, 23. (Ἀσσοσ. Πρές). — Οἱ φιλοβασιλικοὶ τῆς Ὑεμένης ἰσχυρίζονται ὅτι διέσπασαν τὰς γραμμὰς τῶν δημοκρατικῶν δυνάμεων καὶ προελαύνουν πρὸς τὴν Σανά. Ἑκατοντάδες οἱ νεκροί. ΒΟΝΝΗ: Ἡ Δυτικὴ Γερμανία ἀναγνωρίζει τὸ νέον καθεστὼς τῆς Ὑεμένης.

ΕΚΑΤΟΝΤΑΔΕΣ ΟΙ ΝΕΚΡΟΙ

ΔΑΜΑΣΚΟΣ, 23. (Ἀσσοσ. Πρές). — Οἱ φιλοβασιλικοὶ τῆς Ὑεμένης ἰσχυρίζονται ὅτι διέσπασαν τὰς γραμμὰς τῶν δημοκρατικῶν δυνάμεων καὶ προελαύνουν πρὸς τὴν Σανά. Ἑκατοντάδες οἱ νεκροί. ΒΟΝΝΗ: Ἡ Δυτικὴ Γερμανία ἀναγνωρίζει τὸ νέον καθεστὼς τῆς Ὑεμένης.

ΔΑΜΑΣΚΟΣ, 23. (Ἀσσοσ. Πρές). — Οἱ φιλοβασιλικοὶ τῆς Ὑεμένης ἰσχυρίζονται ὅτι διέσπασαν τὰς γραμμὰς τῶν δημοκρατικῶν δυνάμεων καὶ προελαύνουν πρὸς τὴν Σανά. Ἑκατοντάδες οἱ νεκροί. ΒΟΝΝΗ: Ἡ Δυτικὴ Γερμανία ἀναγνωρίζει τὸ νέον καθεστὼς τῆς Ὑεμένης.

ΑΝΑΓΝΩΡΙΖΕΙ Η Δ. ΓΕΡΜΑΝΙΑ

ΔΑΜΑΣΚΟΣ, 23. (Ἀσσοσ. Πρές). — Οἱ φιλοβασιλικοὶ τῆς Ὑεμένης ἰσχυρίζονται ὅτι διέσπασαν τὰς γραμμὰς τῶν δημοκρατικῶν δυνάμεων καὶ προελαύνουν πρὸς τὴν Σανά. Ἑκατοντάδες οἱ νεκροί. ΒΟΝΝΗ: Ἡ Δυτικὴ Γερμανία ἀναγνωρίζει τὸ νέον καθεστὼς τῆς Ὑεμένης.

Ο ΓΕΦΤΟΥΣΕΝΚΟ ΚΑΛΕΙ ΤΟΥΣ ΡΩΣΣΟΥΣ ΝΑ ΑΓΡΥΠΝΟΥΝ ΔΙΑ ΝΑ ΜΗ ΞΑΝΑΚΟΥΣΟΥΝ «ΝΑ ΚΤΥΠΑ ΤΑ ΜΕΣΑΝΥΚΤΑ Η ΘΥΡΑ ΤΩΝ»

ΜΟΣΧΑ, 23. (Ρόϋτερ). — Ὁ ποιητὴς Γεφτουσένκο ἐδημοσίευσεν ποίημα εἰς τὴν «Πράβδα» καλῶν τοὺς Ρώσσους νὰ ἀγρυπνοῦν ὥστε νὰ μὴ ξανακούσουν νὰ κτυπᾶ τὰ μεσάνυκτα ἡ θύρα των. Τὸ ποίημα ἀναφέρεται εἰς τὴν ἐποχὴν τοῦ Στάλιν.

ΜΟΣΧΑ, 23. (Ρόϋτερ). — Ὁ ποιητὴς Γεφτουσένκο ἐδημοσίευσεν ποίημα εἰς τὴν «Πράβδα» καλῶν τοὺς Ρώσσους νὰ ἀγρυπνοῦν ὥστε νὰ μὴ ξανακούσουν νὰ κτυπᾶ τὰ μεσάνυκτα ἡ θύρα των. Τὸ ποίημα ἀναφέρεται εἰς τὴν ἐποχὴν τοῦ Στάλιν.

ΔΙ' ΑΝΩΝΥΜΩΝ ΕΠΙΣΤΟΛΩΝ ΑΠΕΙΛΕΙΤΑΙ Ο ΤΕΩΣ ΑΡΧΗΓΟΣ ΤΗΣ Ε.Ο.Κ.Α. ΣΑΜΨΩΝ ΔΙΑ ΤΟΝ ΕΞ ΕΝΕΔΡΑΣ ΦΟΝΟΝ ΒΡΕΤΑΝΝΟΥ

ΛΕΥΚΩΣΙΑ, 23. (Ρόϋτερ). — Δι' ἀνωνύμων ἐπιστολῶν ἀπειλεῖται ὁ τέως ἀρχηγὸς τῆς Ε.Ο.Κ.Α. Σαμψὼν διὰ τὸν φόνον Βρεταννοῦ. ΑΘΗΝΑΙ: Ἐκαλύφθη ὁλοσχερῶς τὸ δάνειον τῆς Δ.Ε.Η. Οὐδεμία ἐγγραφὴ γίνεται πλέον δεκτή. Τὸ ποσὸν ὑπερέβη τὰ 500.000.000.

ΛΕΥΚΩΣΙΑ, 23. (Ρόϋτερ). — Δι' ἀνωνύμων ἐπιστολῶν ἀπειλεῖται ὁ τέως ἀρχηγὸς τῆς Ε.Ο.Κ.Α. Σαμψὼν διὰ τὸν φόνον Βρεταννοῦ. ΑΘΗΝΑΙ: Ἐκαλύφθη ὁλοσχερῶς τὸ δάνειον τῆς Δ.Ε.Η. Οὐδεμία ἐγγραφὴ γίνεται πλέον δεκτή. Τὸ ποσὸν ὑπερέβη τὰ 500.000.000.

ΕΚΑΛΥΦΘΗ ΟΛΟΣΧΕΡΩΣ ΤΟ ΔΑΝΕΙΟΝ ΤΗΣ ΔΕΗ
ΟΥΔΕΜΙΑ ΕΓΓΡΑΦΗ ΓΙΝΕΤΑΙ ΠΛΕΟΝ ΔΕΚΤΗ

ΛΕΥΚΩΣΙΑ, 23. (Ρόϋτερ). — Δι' ἀνωνύμων ἐπιστολῶν ἀπειλεῖται ὁ τέως ἀρχηγὸς τῆς Ε.Ο.Κ.Α. Σαμψὼν διὰ τὸν φόνον Βρεταννοῦ. ΑΘΗΝΑΙ: Ἐκαλύφθη ὁλοσχερῶς τὸ δάνειον τῆς Δ.Ε.Η. Οὐδεμία ἐγγραφὴ γίνεται πλέον δεκτή. Τὸ ποσὸν ὑπερέβη τὰ 500.000.000.

ΛΕΥΚΩΣΙΑ, 23. (Ρόϋτερ). — Δι' ἀνωνύμων ἐπιστολῶν ἀπειλεῖται ὁ τέως ἀρχηγὸς τῆς Ε.Ο.Κ.Α. Σαμψὼν διὰ τὸν φόνον Βρεταννοῦ. ΑΘΗΝΑΙ: Ἐκαλύφθη ὁλοσχερῶς τὸ δάνειον τῆς Δ.Ε.Η. Οὐδεμία ἐγγραφὴ γίνεται πλέον δεκτή. Τὸ ποσὸν ὑπερέβη τὰ 500.000.000.

ΜΗΝΥΜΑΤΑ ΤΟΥ ΒΑΣΙΛΕΩΣ ΚΑΙ ΤΟΥ Κ. ΚΑΡΑΜΑΝΛΗ ΕΠΙ ΤΗ 17Η ΕΠΕΤΕΙΩ ΑΠΟ ΤΗΣ ΙΔΡΥΣΕΩΣ ΤΟΥ Ο.Η.Ε.

ΑΘΗΝΑΙ, 23. — Ὁ Βασιλεὺς καὶ ὁ Πρωθυπουργὸς κ. Καραμανλῆς ἀπηύθυναν μηνύματα ἐπὶ τῇ 17ῃ ἐπετείῳ ἀπὸ τῆς ἱδρύσεως τοῦ Ο.Η.Ε. τονίζοντες τὴν προσήλωσιν τῆς Ἑλλάδος εἰς τὰς ἀρχὰς τοῦ Χάρτου καὶ τὴν εἰρηνικὴν συνεργασίαν τῶν λαῶν.

ΑΘΗΝΑΙ, 23. — Ὁ Βασιλεὺς καὶ ὁ Πρωθυπουργὸς κ. Καραμανλῆς ἀπηύθυναν μηνύματα ἐπὶ τῇ 17ῃ ἐπετείῳ ἀπὸ τῆς ἱδρύσεως τοῦ Ο.Η.Ε. τονίζοντες τὴν προσήλωσιν τῆς Ἑλλάδος εἰς τὰς ἀρχὰς τοῦ Χάρτου καὶ τὴν εἰρηνικὴν συνεργασίαν τῶν λαῶν.

ΑΘΗΝΑΙ, 23. — Ὁ Βασιλεὺς καὶ ὁ Πρωθυπουργὸς κ. Καραμανλῆς ἀπηύθυναν μηνύματα ἐπὶ τῇ 17ῃ ἐπετείῳ ἀπὸ τῆς ἱδρύσεως τοῦ Ο.Η.Ε. τονίζοντες τὴν προσήλωσιν τῆς Ἑλλάδος εἰς τὰς ἀρχὰς τοῦ Χάρτου καὶ τὴν εἰρηνικὴν συνεργασίαν τῶν λαῶν.

ΑΘΗΝΑΙ, 23. — Ὁ Βασιλεὺς καὶ ὁ Πρωθυπουργὸς κ. Καραμανλῆς ἀπηύθυναν μηνύματα ἐπὶ τῇ 17ῃ ἐπετείῳ ἀπὸ τῆς ἱδρύσεως τοῦ Ο.Η.Ε. τονίζοντες τὴν προσήλωσιν τῆς Ἑλλάδος εἰς τὰς ἀρχὰς τοῦ Χάρτου καὶ τὴν εἰρηνικὴν συνεργασίαν τῶν λαῶν.

ΑΘΗΝΑΙ, 23. — Ὁ Βασιλεὺς καὶ ὁ Πρωθυπουργὸς κ. Καραμανλῆς ἀπηύθυναν μηνύματα ἐπὶ τῇ 17ῃ ἐπετείῳ ἀπὸ τῆς ἱδρύσεως τοῦ Ο.Η.Ε. τονίζοντες τὴν προσήλωσιν τῆς Ἑλλάδος εἰς τὰς ἀρχὰς τοῦ Χάρτου καὶ τὴν εἰρηνικὴν συνεργασίαν τῶν λαῶν.

ΑΘΗΝΑΙ, 23. — Ὁ Βασιλεὺς καὶ ὁ Πρωθυπουργὸς κ. Καραμανλῆς ἀπηύθυναν μηνύματα ἐπὶ τῇ 17ῃ ἐπετείῳ ἀπὸ τῆς ἱδρύσεως τοῦ Ο.Η.Ε. τονίζοντες τὴν προσήλωσιν τῆς Ἑλλάδος εἰς τὰς ἀρχὰς τοῦ Χάρτου καὶ τὴν εἰρηνικὴν συνεργασίαν τῶν λαῶν.

ΕΠΙΣΤΟΛΑΙ ΠΡΟΣ ΤΗΝ «ΜΑΚΕΔΟΝΙΑΝ»
(ΤΑ ΚΛΩΣΤΟΫΦΑΝΤΟΥΡΓΕΙΑ ΤΗΣ ΕΔΕΣΣΗΣ)

Κύριε διευθυντά, Ἔχομεν τὴν τιμὴν νὰ σᾶς γνωρίσωμεν ὅτι τὰ κλωστοϋφαντουργεῖα τῆς Ἐδέσσης ἀντιμετωπίζουν σοβαρὰ προβλήματα. Παρακαλοῦμεν ὅπως δημοσιεύσητε τὴν παροῦσαν. — Κύριε διευθυντά, Ἐπιτρέψατέ μοι νὰ ἐπισημάνω τὸ ζήτημα τῶν θέσεων τῶν ἐπιβατῶν εἰς τὰς ἀμαξοστοιχίας τῶν Σ.Ε.Κ.

Κύριε διευθυντά, Ἔχομεν τὴν τιμὴν νὰ σᾶς γνωρίσωμεν ὅτι τὰ κλωστοϋφαντουργεῖα τῆς Ἐδέσσης ἀντιμετωπίζουν σοβαρὰ προβλήματα. Παρακαλοῦμεν ὅπως δημοσιεύσητε τὴν παροῦσαν. — Κύριε διευθυντά, Ἐπιτρέψατέ μοι νὰ ἐπισημάνω τὸ ζήτημα τῶν θέσεων τῶν ἐπιβατῶν εἰς τὰς ἀμαξοστοιχίας τῶν Σ.Ε.Κ.

Κύριε διευθυντά, Ἔχομεν τὴν τιμὴν νὰ σᾶς γνωρίσωμεν ὅτι τὰ κλωστοϋφαντουργεῖα τῆς Ἐδέσσης ἀντιμετωπίζουν σοβαρὰ προβλήματα. Παρακαλοῦμεν ὅπως δημοσιεύσητε τὴν παροῦσαν. — Κύριε διευθυντά, Ἐπιτρέψατέ μοι νὰ ἐπισημάνω τὸ ζήτημα τῶν θέσεων τῶν ἐπιβατῶν εἰς τὰς ἀμαξοστοιχίας τῶν Σ.Ε.Κ.

Κύριε διευθυντά, Ἔχομεν τὴν τιμὴν νὰ σᾶς γνωρίσωμεν ὅτι τὰ κλωστοϋφαντουργεῖα τῆς Ἐδέσσης ἀντιμετωπίζουν σοβαρὰ προβλήματα. Παρακαλοῦμεν ὅπως δημοσιεύσητε τὴν παροῦσαν. — Κύριε διευθυντά, Ἐπιτρέψατέ μοι νὰ ἐπισημάνω τὸ ζήτημα τῶν θέσεων τῶν ἐπιβατῶν εἰς τὰς ἀμαξοστοιχίας τῶν Σ.Ε.Κ.

ΑΓΓΕΛΟΣ ΠΑΠΑΘΕΟΧΑΡΗΣ
(ΑΙ ΘΕΣΕΙΣ ΕΠΙΒΑΤΩΝ ΕΙΣ ΤΟΥΣ Σ.Ε.Κ.)

Κύριε διευθυντά, Ἔχομεν τὴν τιμὴν νὰ σᾶς γνωρίσωμεν ὅτι τὰ κλωστοϋφαντουργεῖα τῆς Ἐδέσσης ἀντιμετωπίζουν σοβαρὰ προβλήματα. Παρακαλοῦμεν ὅπως δημοσιεύσητε τὴν παροῦσαν. — Κύριε διευθυντά, Ἐπιτρέψατέ μοι νὰ ἐπισημάνω τὸ ζήτημα τῶν θέσεων τῶν ἐπιβατῶν εἰς τὰς ἀμαξοστοιχίας τῶν Σ.Ε.Κ.

Κ. ΟΙΚΟΝΟΜΙΔΗΣ
